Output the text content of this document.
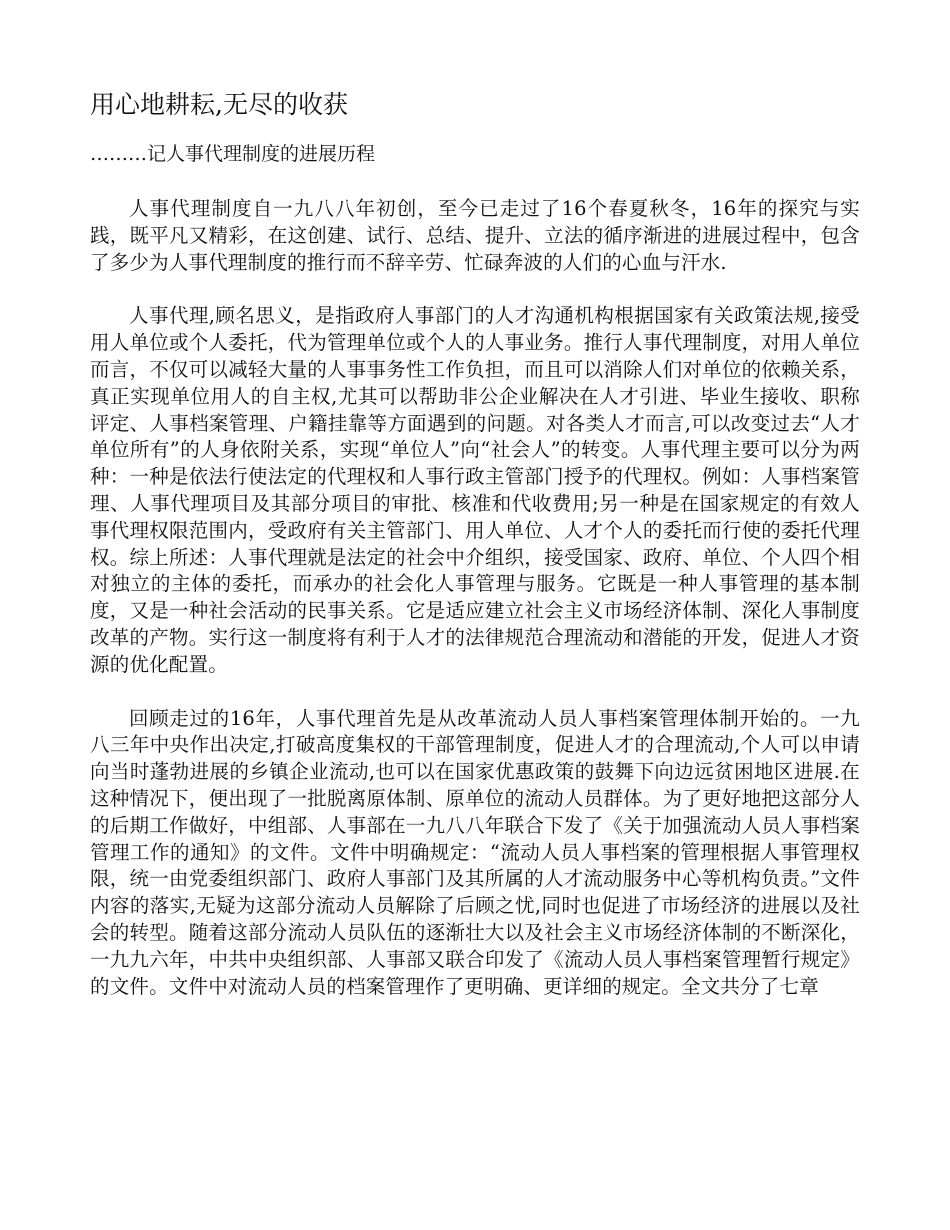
用心地耕耘,无尽的收获
………记人事代理制度的进展历程

人事代理制度自一九八八年初创，至今已走过了16个春夏秋冬，16年的探究与实践，既平凡又精彩，在这创建、试行、总结、提升、立法的循序渐进的进展过程中，包含了多少为人事代理制度的推行而不辞辛劳、忙碌奔波的人们的心血与汗水.

人事代理,顾名思义，是指政府人事部门的人才沟通机构根据国家有关政策法规,接受用人单位或个人委托，代为管理单位或个人的人事业务。推行人事代理制度，对用人单位而言，不仅可以减轻大量的人事事务性工作负担，而且可以消除人们对单位的依赖关系，真正实现单位用人的自主权,尤其可以帮助非公企业解决在人才引进、毕业生接收、职称评定、人事档案管理、户籍挂靠等方面遇到的问题。对各类人才而言,可以改变过去“人才单位所有”的人身依附关系，实现“单位人”向“社会人”的转变。人事代理主要可以分为两种：一种是依法行使法定的代理权和人事行政主管部门授予的代理权。例如：人事档案管理、人事代理项目及其部分项目的审批、核准和代收费用;另一种是在国家规定的有效人事代理权限范围内，受政府有关主管部门、用人单位、人才个人的委托而行使的委托代理权。综上所述：人事代理就是法定的社会中介组织，接受国家、政府、单位、个人四个相对独立的主体的委托，而承办的社会化人事管理与服务。它既是一种人事管理的基本制度，又是一种社会活动的民事关系。它是适应建立社会主义市场经济体制、深化人事制度改革的产物。实行这一制度将有利于人才的法律规范合理流动和潜能的开发，促进人才资源的优化配置。

回顾走过的16年，人事代理首先是从改革流动人员人事档案管理体制开始的。一九八三年中央作出决定,打破高度集权的干部管理制度，促进人才的合理流动,个人可以申请向当时蓬勃进展的乡镇企业流动,也可以在国家优惠政策的鼓舞下向边远贫困地区进展.在这种情况下，便出现了一批脱离原体制、原单位的流动人员群体。为了更好地把这部分人的后期工作做好，中组部、人事部在一九八八年联合下发了《关于加强流动人员人事档案管理工作的通知》的文件。文件中明确规定：“流动人员人事档案的管理根据人事管理权限，统一由党委组织部门、政府人事部门及其所属的人才流动服务中心等机构负责。”文件内容的落实,无疑为这部分流动人员解除了后顾之忧,同时也促进了市场经济的进展以及社会的转型。随着这部分流动人员队伍的逐渐壮大以及社会主义市场经济体制的不断深化，一九九六年，中共中央组织部、人事部又联合印发了《流动人员人事档案管理暂行规定》的文件。文件中对流动人员的档案管理作了更明确、更详细的规定。全文共分了七章
